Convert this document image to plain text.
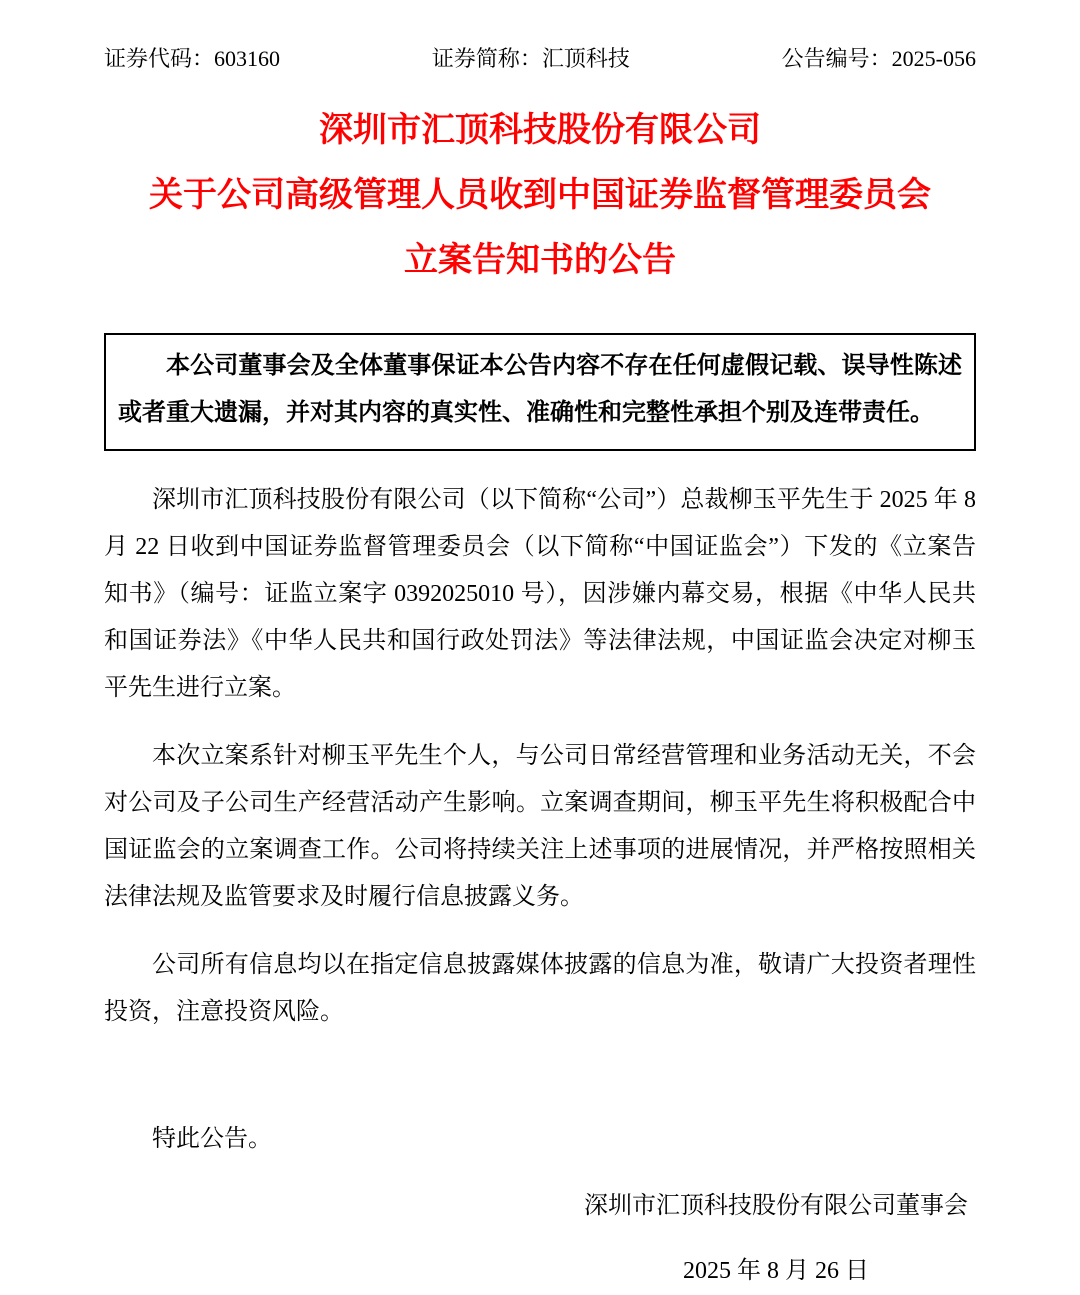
证券代码：603160	证券简称：汇顶科技	公告编号：2025-056
深圳市汇顶科技股份有限公司
关于公司高级管理人员收到中国证券监督管理委员会
立案告知书的公告

本公司董事会及全体董事保证本公告内容不存在任何虚假记载、误导性陈述或者重大遗漏，并对其内容的真实性、准确性和完整性承担个别及连带责任。

深圳市汇顶科技股份有限公司（以下简称“公司”）总裁柳玉平先生于 2025 年 8 月 22 日收到中国证券监督管理委员会（以下简称“中国证监会”）下发的《立案告知书》（编号：证监立案字 0392025010 号），因涉嫌内幕交易，根据《中华人民共和国证券法》《中华人民共和国行政处罚法》等法律法规，中国证监会决定对柳玉平先生进行立案。

本次立案系针对柳玉平先生个人，与公司日常经营管理和业务活动无关，不会对公司及子公司生产经营活动产生影响。立案调查期间，柳玉平先生将积极配合中国证监会的立案调查工作。公司将持续关注上述事项的进展情况，并严格按照相关法律法规及监管要求及时履行信息披露义务。

公司所有信息均以在指定信息披露媒体披露的信息为准，敬请广大投资者理性投资，注意投资风险。

特此公告。

深圳市汇顶科技股份有限公司董事会
2025 年 8 月 26 日
